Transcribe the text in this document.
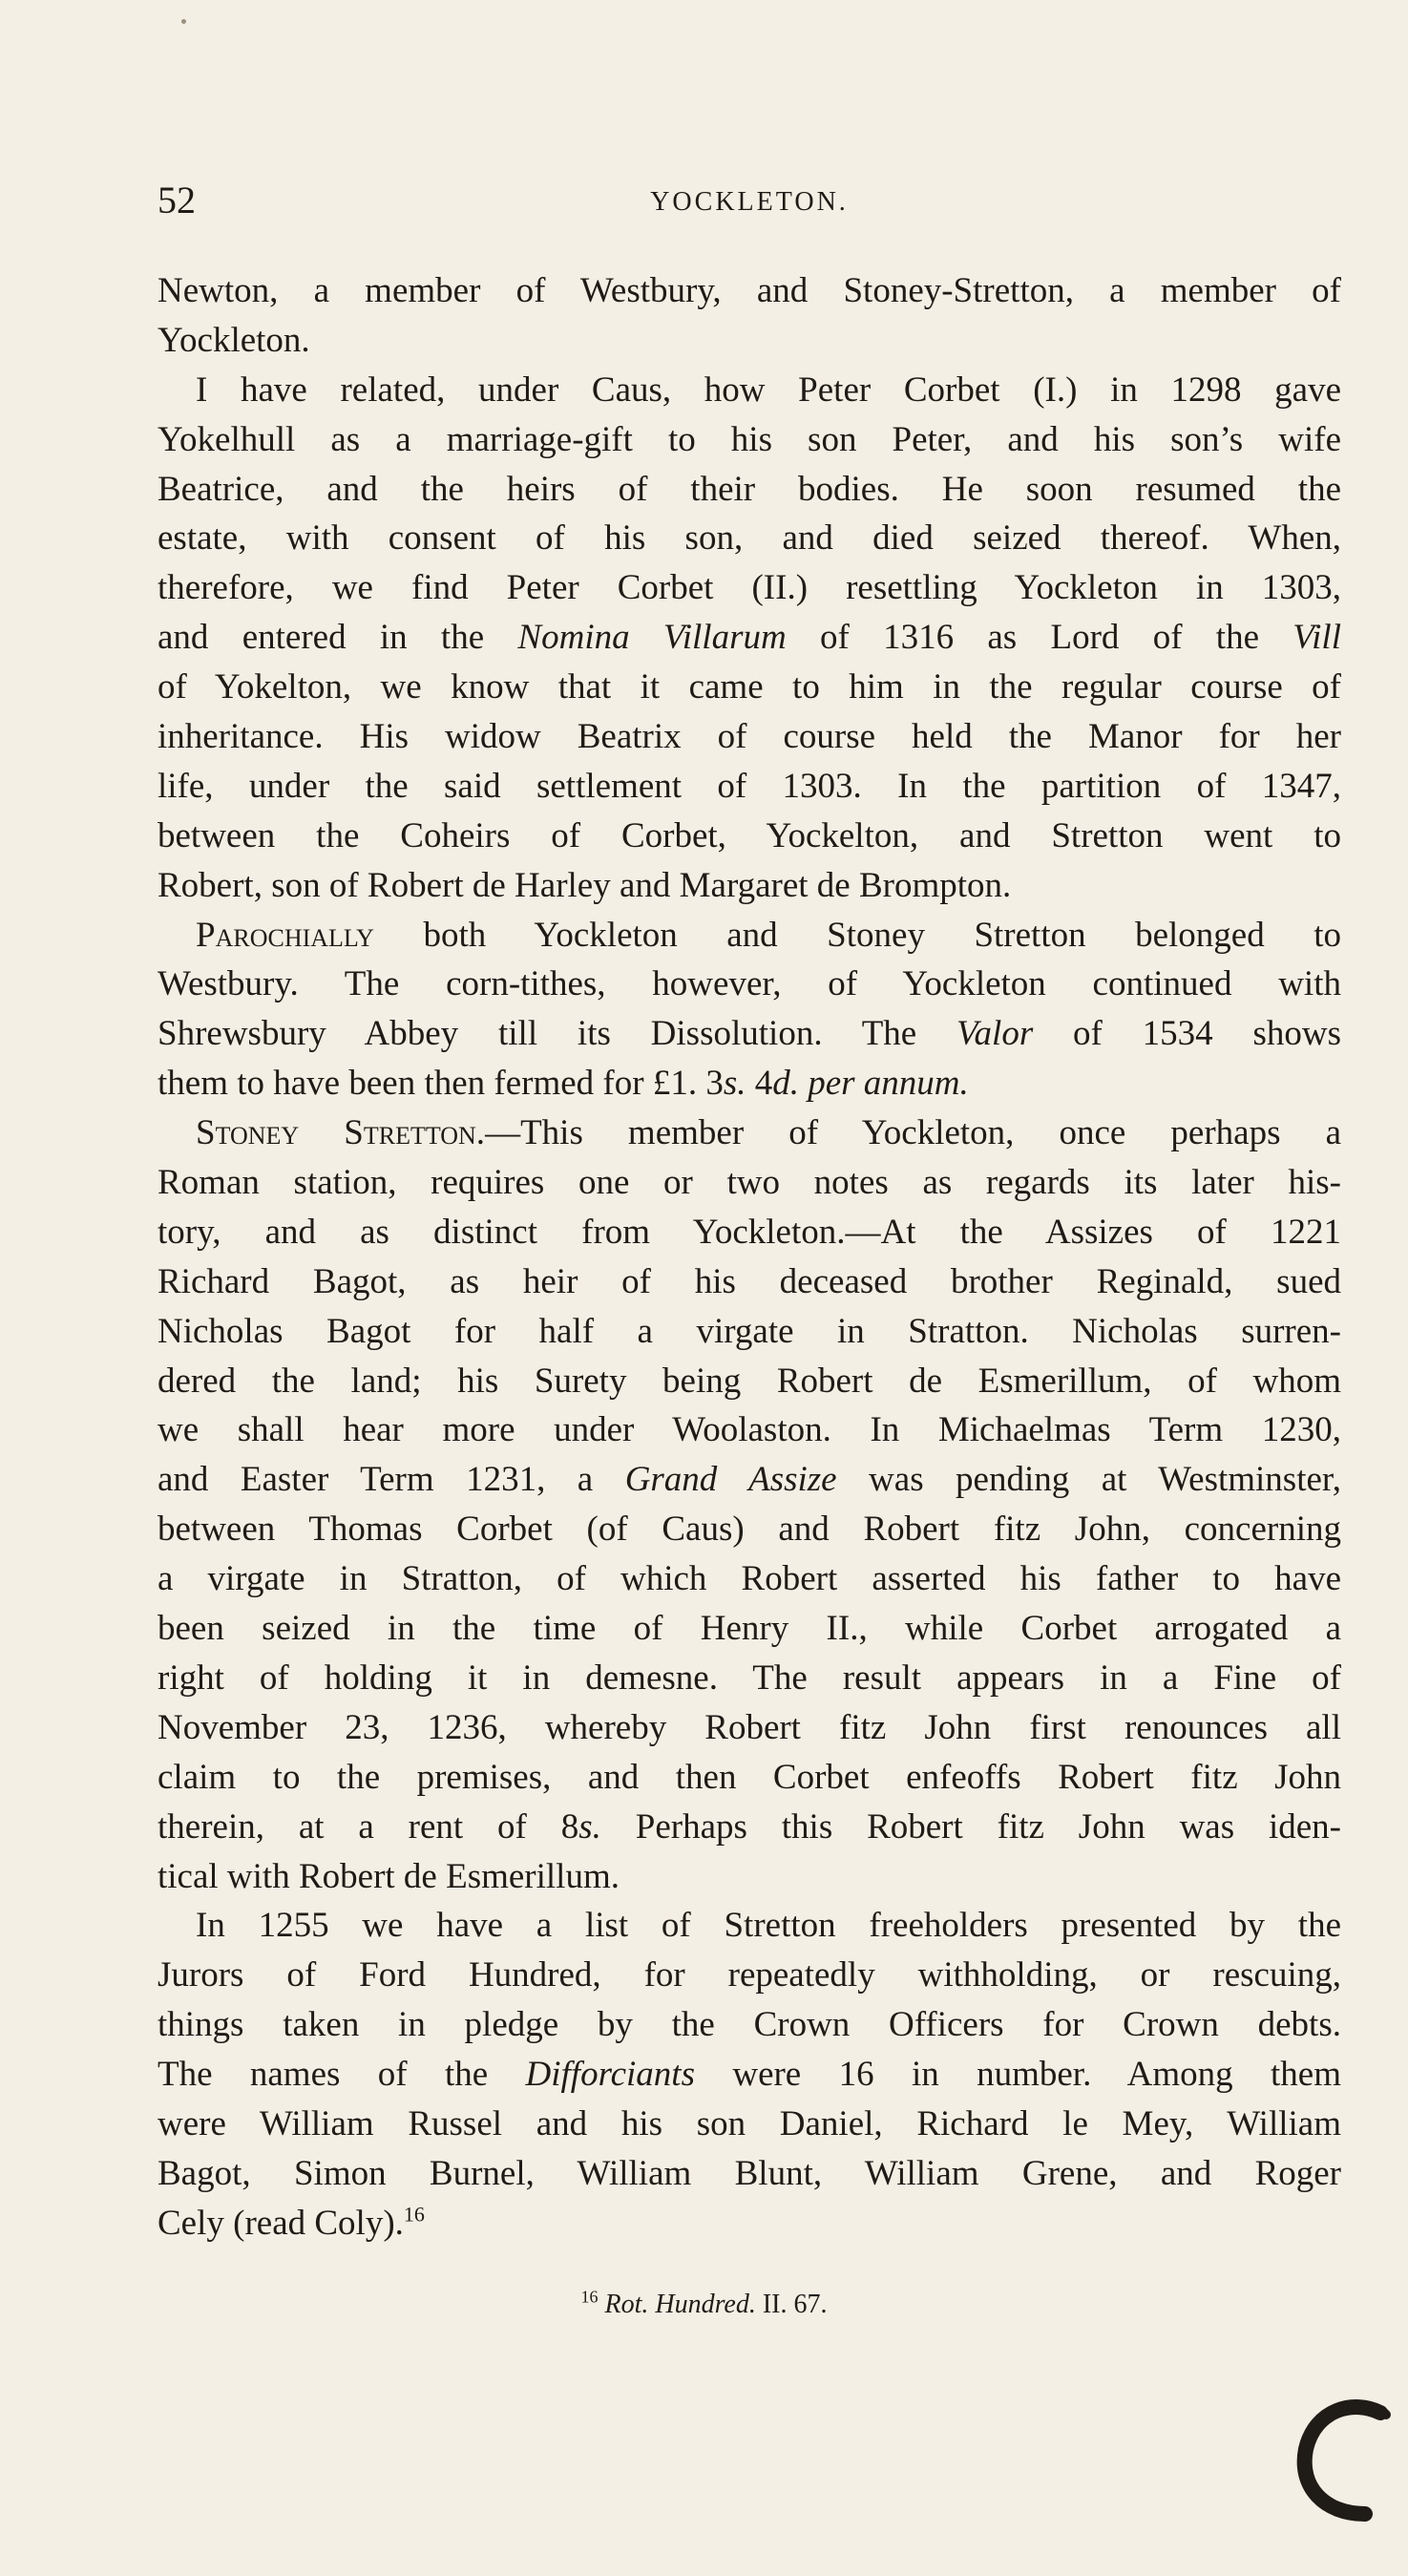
52	YOCKLETON.
Newton, a member of Westbury, and Stoney-Stretton, a member of
Yockleton.
I have related, under Caus, how Peter Corbet (I.) in 1298 gave
Yokelhull as a marriage-gift to his son Peter, and his son’s wife
Beatrice, and the heirs of their bodies. He soon resumed the
estate, with consent of his son, and died seized thereof. When,
therefore, we find Peter Corbet (II.) resettling Yockleton in 1303,
and entered in the Nomina Villarum of 1316 as Lord of the Vill
of Yokelton, we know that it came to him in the regular course of
inheritance. His widow Beatrix of course held the Manor for her
life, under the said settlement of 1303. In the partition of 1347,
between the Coheirs of Corbet, Yockelton, and Stretton went to
Robert, son of Robert de Harley and Margaret de Brompton.
Parochially both Yockleton and Stoney Stretton belonged to
Westbury. The corn-tithes, however, of Yockleton continued with
Shrewsbury Abbey till its Dissolution. The Valor of 1534 shows
them to have been then fermed for £1. 3s. 4d. per annum.
Stoney Stretton.—This member of Yockleton, once perhaps a
Roman station, requires one or two notes as regards its later his-
tory, and as distinct from Yockleton.—At the Assizes of 1221
Richard Bagot, as heir of his deceased brother Reginald, sued
Nicholas Bagot for half a virgate in Stratton. Nicholas surren-
dered the land; his Surety being Robert de Esmerillum, of whom
we shall hear more under Woolaston. In Michaelmas Term 1230,
and Easter Term 1231, a Grand Assize was pending at Westminster,
between Thomas Corbet (of Caus) and Robert fitz John, concerning
a virgate in Stratton, of which Robert asserted his father to have
been seized in the time of Henry II., while Corbet arrogated a
right of holding it in demesne. The result appears in a Fine of
November 23, 1236, whereby Robert fitz John first renounces all
claim to the premises, and then Corbet enfeoffs Robert fitz John
therein, at a rent of 8s. Perhaps this Robert fitz John was iden-
tical with Robert de Esmerillum.
In 1255 we have a list of Stretton freeholders presented by the
Jurors of Ford Hundred, for repeatedly withholding, or rescuing,
things taken in pledge by the Crown Officers for Crown debts.
The names of the Difforciants were 16 in number. Among them
were William Russel and his son Daniel, Richard le Mey, William
Bagot, Simon Burnel, William Blunt, William Grene, and Roger
Cely (read Coly).$^{16}$
$^{16}$ Rot. Hundred. II. 67.
